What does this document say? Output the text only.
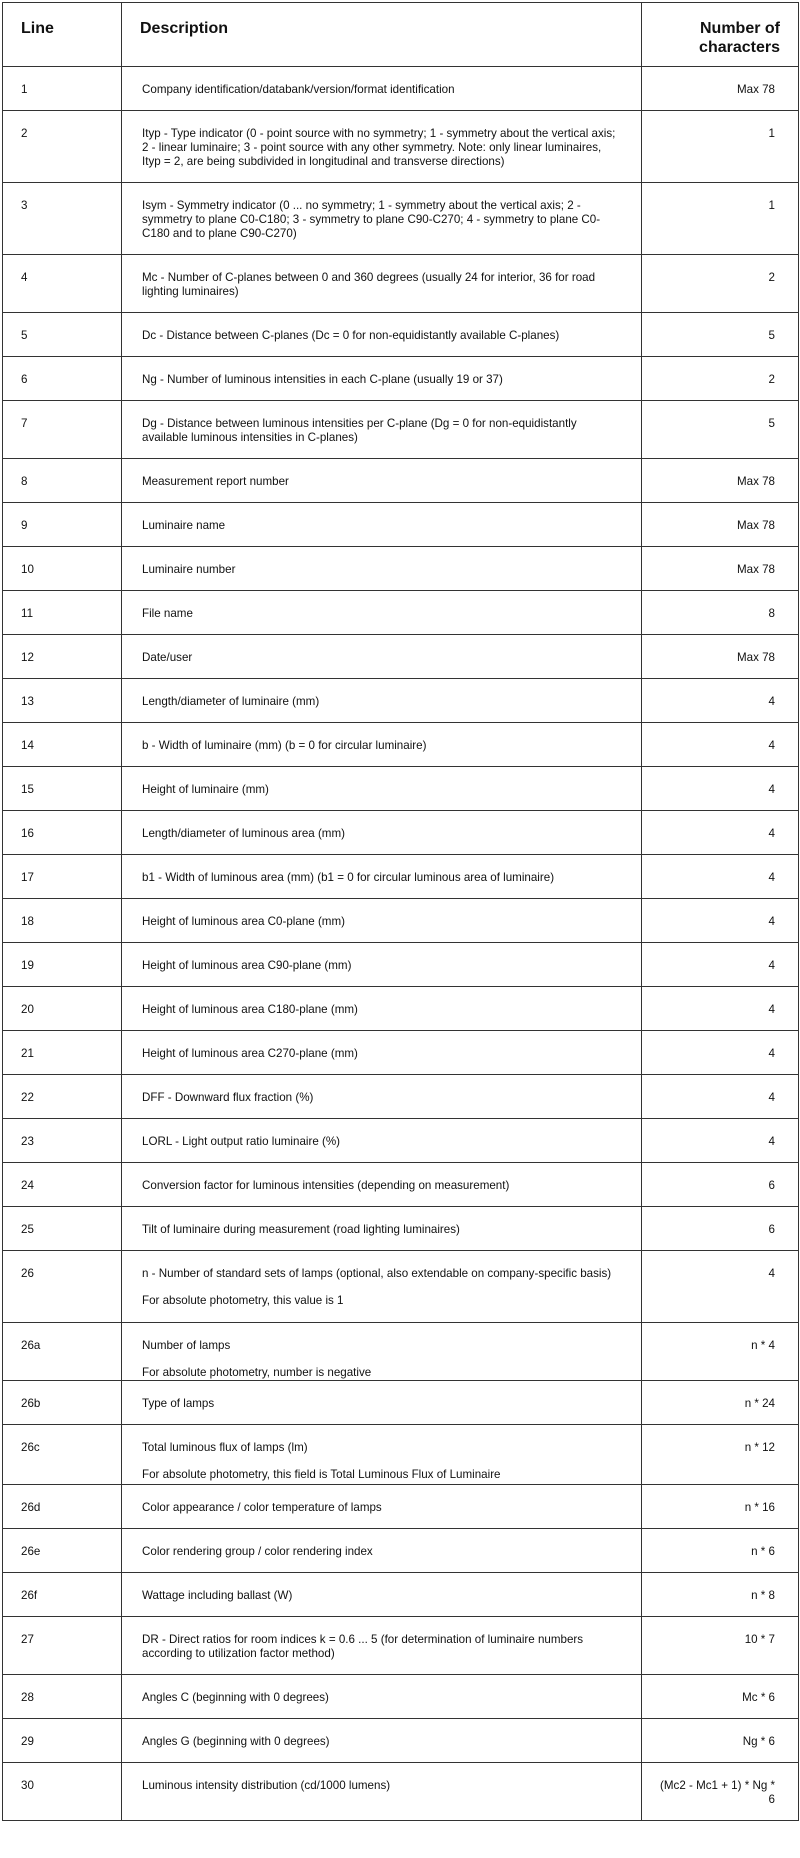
Line	Description	Number of
characters

1	Company identification/databank/version/format identification	Max 78

2	Ityp - Type indicator (0 - point source with no symmetry; 1 - symmetry about the vertical axis; 2 - linear luminaire; 3 - point source with any other symmetry. Note: only linear luminaires, Ityp = 2, are being subdivided in longitudinal and transverse directions)	1

3	Isym - Symmetry indicator (0 ... no symmetry; 1 - symmetry about the vertical axis; 2 - symmetry to plane C0-C180; 3 - symmetry to plane C90-C270; 4 - symmetry to plane C0-C180 and to plane C90-C270)	1

4	Mc - Number of C-planes between 0 and 360 degrees (usually 24 for interior, 36 for road lighting luminaires)	2

5	Dc - Distance between C-planes (Dc = 0 for non-equidistantly available C-planes)	5

6	Ng - Number of luminous intensities in each C-plane (usually 19 or 37)	2

7	Dg - Distance between luminous intensities per C-plane (Dg = 0 for non-equidistantly available luminous intensities in C-planes)	5

8	Measurement report number	Max 78

9	Luminaire name	Max 78

10	Luminaire number	Max 78

11	File name	8

12	Date/user	Max 78

13	Length/diameter of luminaire (mm)	4

14	b - Width of luminaire (mm) (b = 0 for circular luminaire)	4

15	Height of luminaire (mm)	4

16	Length/diameter of luminous area (mm)	4

17	b1 - Width of luminous area (mm) (b1 = 0 for circular luminous area of luminaire)	4

18	Height of luminous area C0-plane (mm)	4

19	Height of luminous area C90-plane (mm)	4

20	Height of luminous area C180-plane (mm)	4

21	Height of luminous area C270-plane (mm)	4

22	DFF - Downward flux fraction (%)	4

23	LORL - Light output ratio luminaire (%)	4

24	Conversion factor for luminous intensities (depending on measurement)	6

25	Tilt of luminaire during measurement (road lighting luminaires)	6

26	n - Number of standard sets of lamps (optional, also extendable on company-specific basis)
For absolute photometry, this value is 1	4

26a	Number of lamps
For absolute photometry, number is negative	n * 4

26b	Type of lamps	n * 24

26c	Total luminous flux of lamps (lm)
For absolute photometry, this field is Total Luminous Flux of Luminaire	n * 12

26d	Color appearance / color temperature of lamps	n * 16

26e	Color rendering group / color rendering index	n * 6

26f	Wattage including ballast (W)	n * 8

27	DR - Direct ratios for room indices k = 0.6 ... 5 (for determination of luminaire numbers according to utilization factor method)	10 * 7

28	Angles C (beginning with 0 degrees)	Mc * 6

29	Angles G (beginning with 0 degrees)	Ng * 6

30	Luminous intensity distribution (cd/1000 lumens)	(Mc2 - Mc1 + 1) * Ng * 6
